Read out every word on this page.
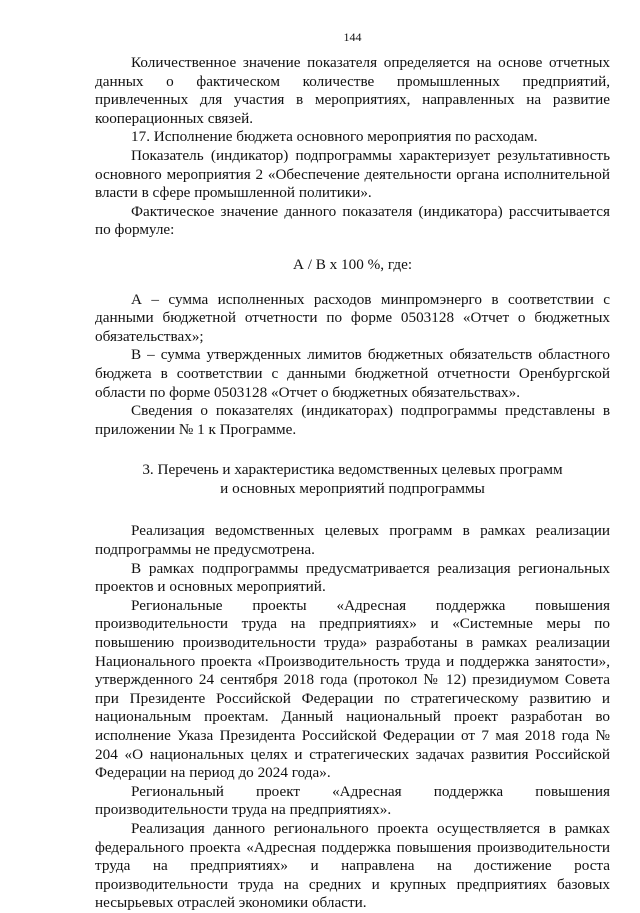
144

Количественное значение показателя определяется на основе отчетных данных о фактическом количестве промышленных предприятий, привлеченных для участия в мероприятиях, направленных на развитие кооперационных связей.

17. Исполнение бюджета основного мероприятия по расходам.

Показатель (индикатор) подпрограммы характеризует результативность основного мероприятия 2 «Обеспечение деятельности органа исполнительной власти в сфере промышленной политики».

Фактическое значение данного показателя (индикатора) рассчитывается по формуле:

А / В х 100 %, где:

А – сумма исполненных расходов минпромэнерго в соответствии с данными бюджетной отчетности по форме 0503128 «Отчет о бюджетных обязательствах»;

В – сумма утвержденных лимитов бюджетных обязательств областного бюджета в соответствии с данными бюджетной отчетности Оренбургской области по форме 0503128 «Отчет о бюджетных обязательствах».

Сведения о показателях (индикаторах) подпрограммы представлены в приложении № 1 к Программе.

3. Перечень и характеристика ведомственных целевых программ
и основных мероприятий подпрограммы

Реализация ведомственных целевых программ в рамках реализации подпрограммы не предусмотрена.

В рамках подпрограммы предусматривается реализация региональных проектов и основных мероприятий.

Региональные проекты «Адресная поддержка повышения производительности труда на предприятиях» и «Системные меры по повышению производительности труда» разработаны в рамках реализации Национального проекта «Производительность труда и поддержка занятости», утвержденного 24 сентября 2018 года (протокол № 12) президиумом Совета при Президенте Российской Федерации по стратегическому развитию и национальным проектам. Данный национальный проект разработан во исполнение Указа Президента Российской Федерации от 7 мая 2018 года № 204 «О национальных целях и стратегических задачах развития Российской Федерации на период до 2024 года».

Региональный проект «Адресная поддержка повышения производительности труда на предприятиях».

Реализация данного регионального проекта осуществляется в рамках федерального проекта «Адресная поддержка повышения производительности труда на предприятиях» и направлена на достижение роста производительности труда на средних и крупных предприятиях базовых несырьевых отраслей экономики области.
